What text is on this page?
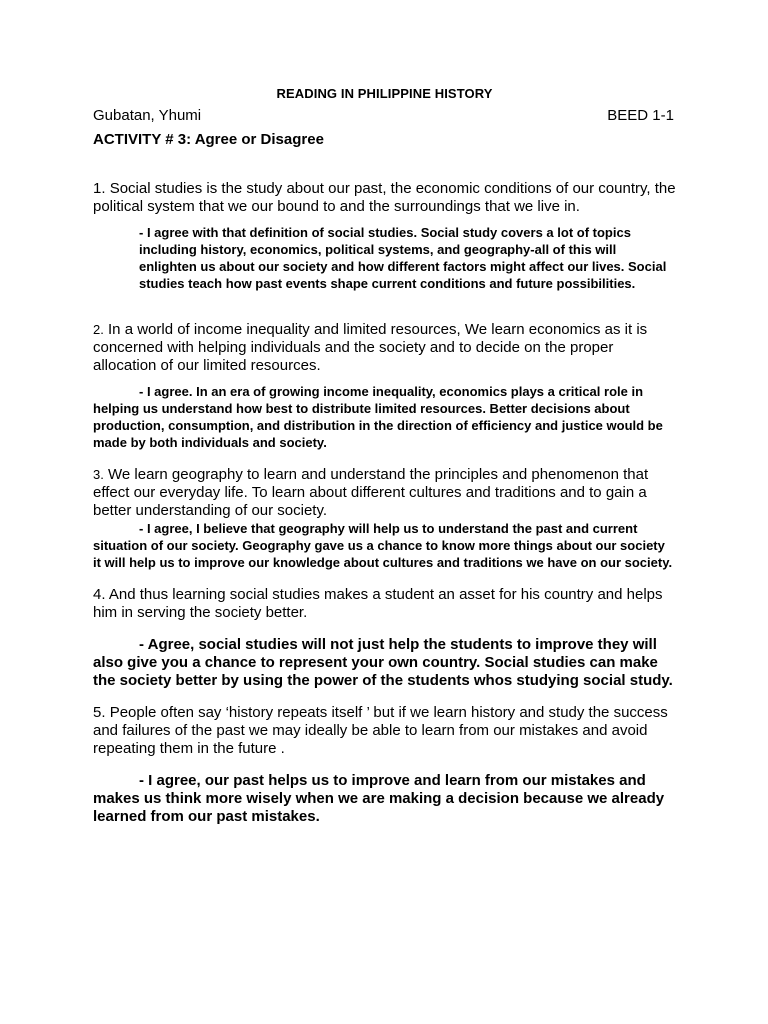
READING IN PHILIPPINE HISTORY
Gubatan, Yhumi	BEED 1-1
ACTIVITY # 3: Agree or Disagree

1. Social studies is the study about our past, the economic conditions of our country, the political system that we our bound to and the surroundings that we live in.

- I agree with that definition of social studies. Social study covers a lot of topics including history, economics, political systems, and geography-all of this will enlighten us about our society and how different factors might affect our lives. Social studies teach how past events shape current conditions and future possibilities.

2. In a world of income inequality and limited resources, We learn economics as it is concerned with helping individuals and the society and to decide on the proper allocation of our limited resources.

- I agree. In an era of growing income inequality, economics plays a critical role in helping us understand how best to distribute limited resources. Better decisions about production, consumption, and distribution in the direction of efficiency and justice would be made by both individuals and society.

3. We learn geography to learn and understand the principles and phenomenon that effect our everyday life. To learn about different cultures and traditions and to gain a better understanding of our society.

- I agree, I believe that geography will help us to understand the past and current situation of our society. Geography gave us a chance to know more things about our society it will help us to improve our knowledge about cultures and traditions we have on our society.

4. And thus learning social studies makes a student an asset for his country and helps him in serving the society better.

- Agree, social studies will not just help the students to improve they will also give you a chance to represent your own country. Social studies can make the society better by using the power of the students whos studying social study.

5. People often say ‘history repeats itself ’ but if we learn history and study the success and failures of the past we may ideally be able to learn from our mistakes and avoid repeating them in the future .

- I agree, our past helps us to improve and learn from our mistakes and makes us think more wisely when we are making a decision because we already learned from our past mistakes.
